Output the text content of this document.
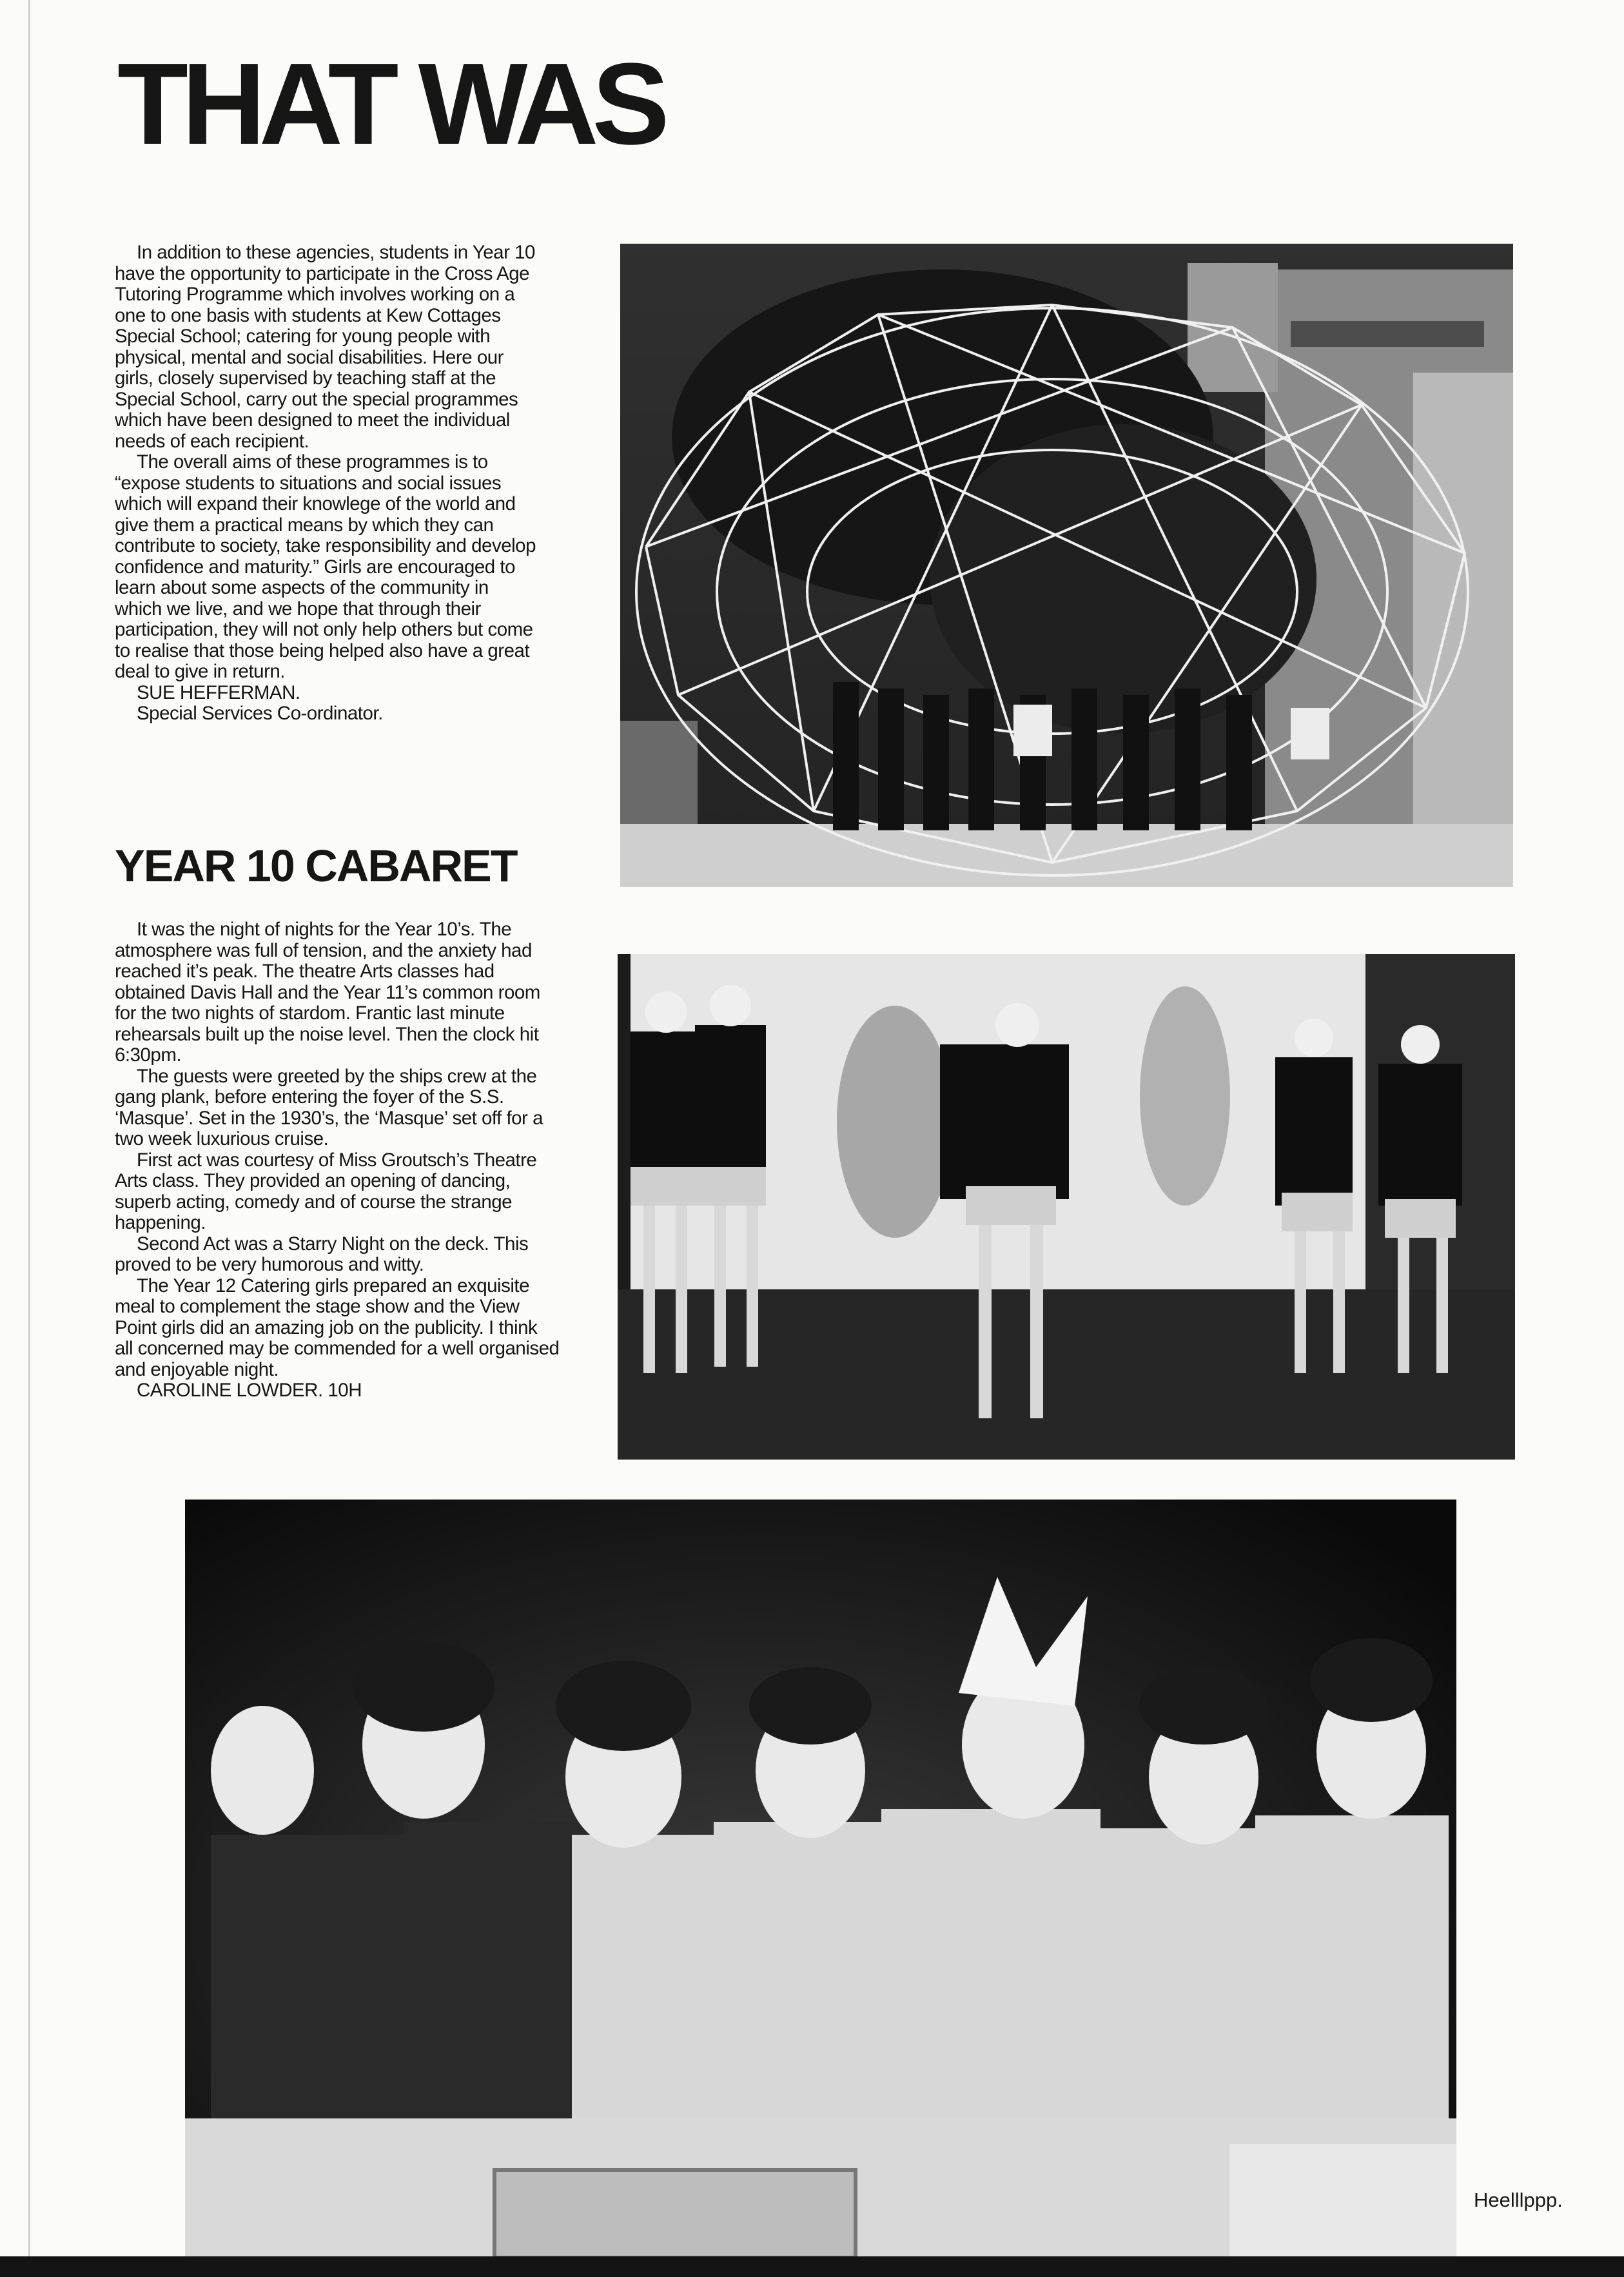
THAT WAS

In addition to these agencies, students in Year 10 have the opportunity to participate in the Cross Age Tutoring Programme which involves working on a one to one basis with students at Kew Cottages Special School; catering for young people with physical, mental and social disabilities. Here our girls, closely supervised by teaching staff at the Special School, carry out the special programmes which have been designed to meet the individual needs of each recipient.

The overall aims of these programmes is to “expose students to situations and social issues which will expand their knowlege of the world and give them a practical means by which they can contribute to society, take responsibility and develop confidence and maturity.” Girls are encouraged to learn about some aspects of the community in which we live, and we hope that through their participation, they will not only help others but come to realise that those being helped also have a great deal to give in return.

SUE HEFFERMAN.

Special Services Co-ordinator.

YEAR 10 CABARET

It was the night of nights for the Year 10’s. The atmosphere was full of tension, and the anxiety had reached it’s peak. The theatre Arts classes had obtained Davis Hall and the Year 11’s common room for the two nights of stardom. Frantic last minute rehearsals built up the noise level. Then the clock hit 6:30pm.

The guests were greeted by the ships crew at the gang plank, before entering the foyer of the S.S. ‘Masque’. Set in the 1930’s, the ‘Masque’ set off for a two week luxurious cruise.

First act was courtesy of Miss Groutsch’s Theatre Arts class. They provided an opening of dancing, superb acting, comedy and of course the strange happening.

Second Act was a Starry Night on the deck. This proved to be very humorous and witty.

The Year 12 Catering girls prepared an exquisite meal to complement the stage show and the View Point girls did an amazing job on the publicity. I think all concerned may be commended for a well organised and enjoyable night.

CAROLINE LOWDER. 10H

Heelllppp.
